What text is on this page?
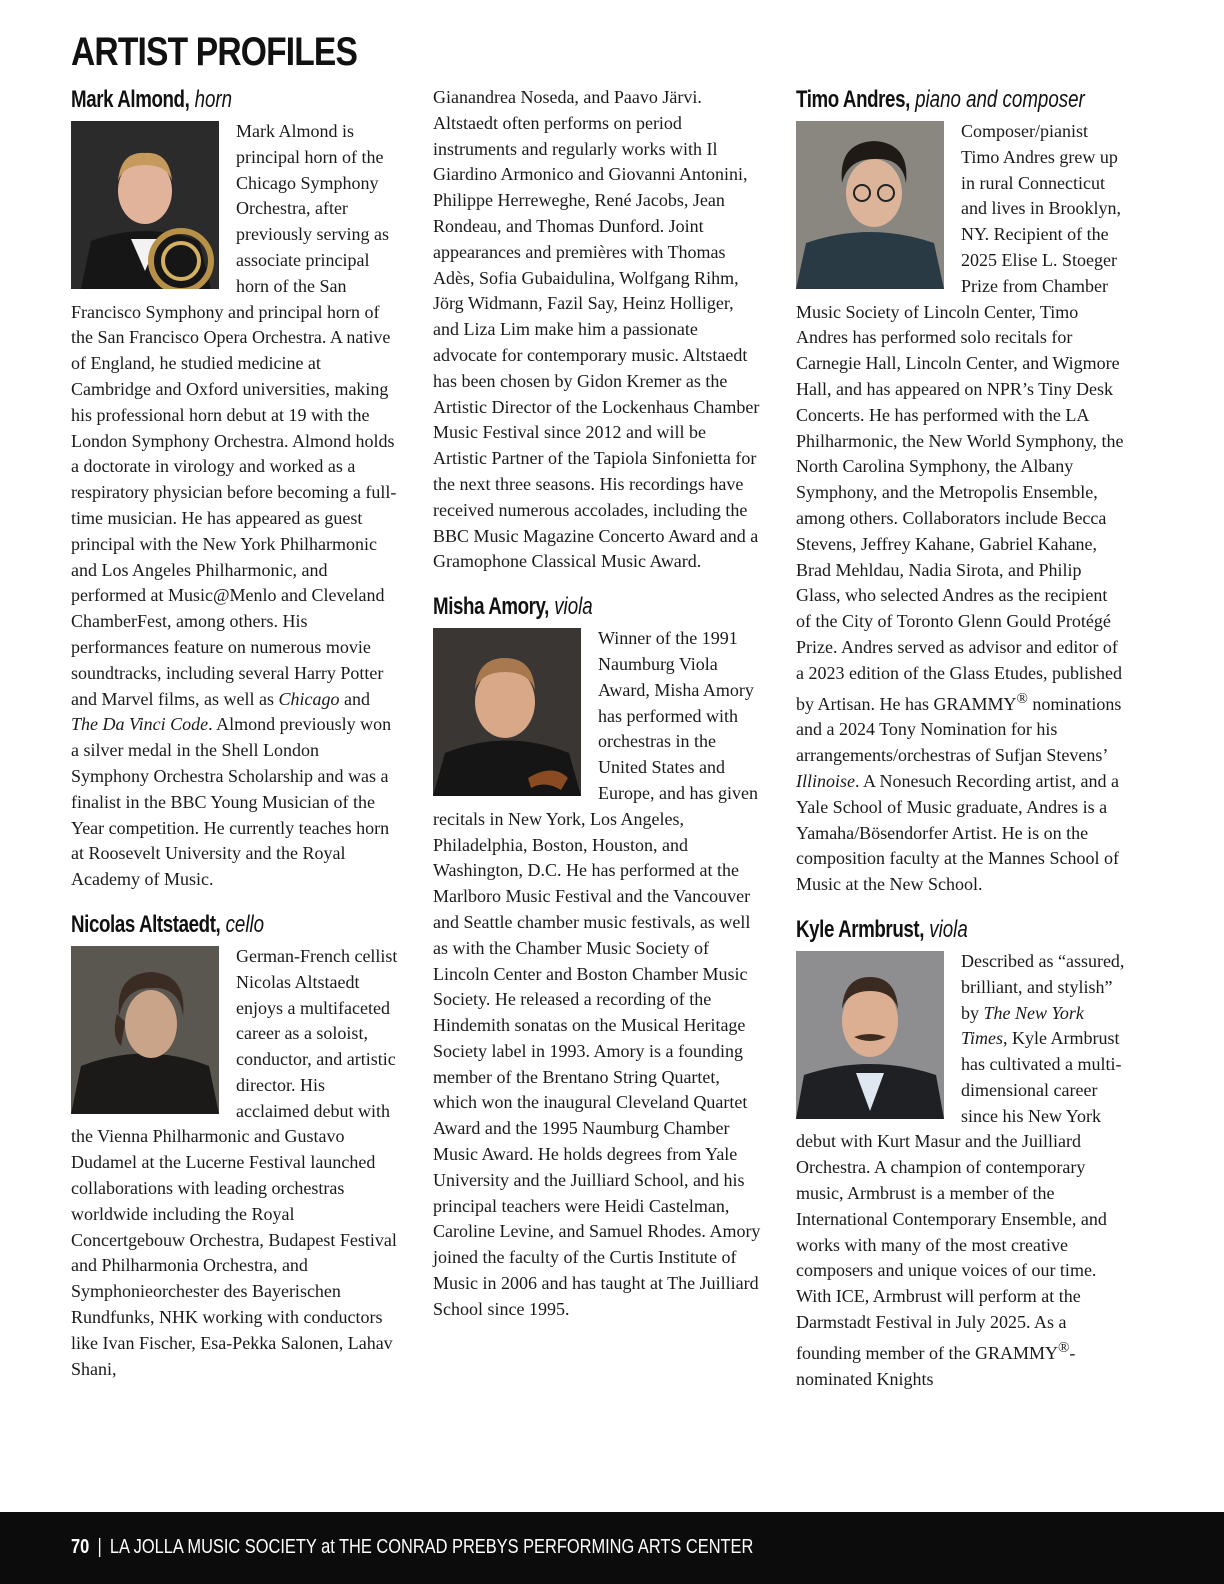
ARTIST PROFILES
Mark Almond, horn

Mark Almond is principal horn of the Chicago Symphony Orchestra, after previously serving as associate principal horn of the San Francisco Symphony and principal horn of the San Francisco Opera Orchestra. A native of England, he studied medicine at Cambridge and Oxford universities, making his professional horn debut at 19 with the London Symphony Orchestra. Almond holds a doctorate in virology and worked as a respiratory physician before becoming a full-time musician. He has appeared as guest principal with the New York Philharmonic and Los Angeles Philharmonic, and performed at Music@Menlo and Cleveland ChamberFest, among others. His performances feature on numerous movie soundtracks, including several Harry Potter and Marvel films, as well as Chicago and The Da Vinci Code. Almond previously won a silver medal in the Shell London Symphony Orchestra Scholarship and was a finalist in the BBC Young Musician of the Year competition. He currently teaches horn at Roosevelt University and the Royal Academy of Music.

Nicolas Altstaedt, cello

German-French cellist Nicolas Altstaedt enjoys a multifaceted career as a soloist, conductor, and artistic director. His acclaimed debut with the Vienna Philharmonic and Gustavo Dudamel at the Lucerne Festival launched collaborations with leading orchestras worldwide including the Royal Concertgebouw Orchestra, Budapest Festival and Philharmonia Orchestra, and Symphonieorchester des Bayerischen Rundfunks, NHK working with conductors like Ivan Fischer, Esa-Pekka Salonen, Lahav Shani,

Gianandrea Noseda, and Paavo Järvi. Altstaedt often performs on period instruments and regularly works with Il Giardino Armonico and Giovanni Antonini, Philippe Herreweghe, René Jacobs, Jean Rondeau, and Thomas Dunford. Joint appearances and premières with Thomas Adès, Sofia Gubaidulina, Wolfgang Rihm, Jörg Widmann, Fazil Say, Heinz Holliger, and Liza Lim make him a passionate advocate for contemporary music. Altstaedt has been chosen by Gidon Kremer as the Artistic Director of the Lockenhaus Chamber Music Festival since 2012 and will be Artistic Partner of the Tapiola Sinfonietta for the next three seasons. His recordings have received numerous accolades, including the BBC Music Magazine Concerto Award and a Gramophone Classical Music Award.

Misha Amory, viola

Winner of the 1991 Naumburg Viola Award, Misha Amory has performed with orchestras in the United States and Europe, and has given recitals in New York, Los Angeles, Philadelphia, Boston, Houston, and Washington, D.C. He has performed at the Marlboro Music Festival and the Vancouver and Seattle chamber music festivals, as well as with the Chamber Music Society of Lincoln Center and Boston Chamber Music Society. He released a recording of the Hindemith sonatas on the Musical Heritage Society label in 1993. Amory is a founding member of the Brentano String Quartet, which won the inaugural Cleveland Quartet Award and the 1995 Naumburg Chamber Music Award. He holds degrees from Yale University and the Juilliard School, and his principal teachers were Heidi Castelman, Caroline Levine, and Samuel Rhodes. Amory joined the faculty of the Curtis Institute of Music in 2006 and has taught at The Juilliard School since 1995.

Timo Andres, piano and composer

Composer/pianist Timo Andres grew up in rural Connecticut and lives in Brooklyn, NY. Recipient of the 2025 Elise L. Stoeger Prize from Chamber Music Society of Lincoln Center, Timo Andres has performed solo recitals for Carnegie Hall, Lincoln Center, and Wigmore Hall, and has appeared on NPR’s Tiny Desk Concerts. He has performed with the LA Philharmonic, the New World Symphony, the North Carolina Symphony, the Albany Symphony, and the Metropolis Ensemble, among others. Collaborators include Becca Stevens, Jeffrey Kahane, Gabriel Kahane, Brad Mehldau, Nadia Sirota, and Philip Glass, who selected Andres as the recipient of the City of Toronto Glenn Gould Protégé Prize. Andres served as advisor and editor of a 2023 edition of the Glass Etudes, published by Artisan. He has GRAMMY® nominations and a 2024 Tony Nomination for his arrangements/orchestras of Sufjan Stevens’ Illinoise. A Nonesuch Recording artist, and a Yale School of Music graduate, Andres is a Yamaha/Bösendorfer Artist. He is on the composition faculty at the Mannes School of Music at the New School.

Kyle Armbrust, viola

Described as “assured, brilliant, and stylish” by The New York Times, Kyle Armbrust has cultivated a multi-dimensional career since his New York debut with Kurt Masur and the Juilliard Orchestra. A champion of contemporary music, Armbrust is a member of the International Contemporary Ensemble, and works with many of the most creative composers and unique voices of our time. With ICE, Armbrust will perform at the Darmstadt Festival in July 2025. As a founding member of the GRAMMY®-nominated Knights

70 | LA JOLLA MUSIC SOCIETY at THE CONRAD PREBYS PERFORMING ARTS CENTER
